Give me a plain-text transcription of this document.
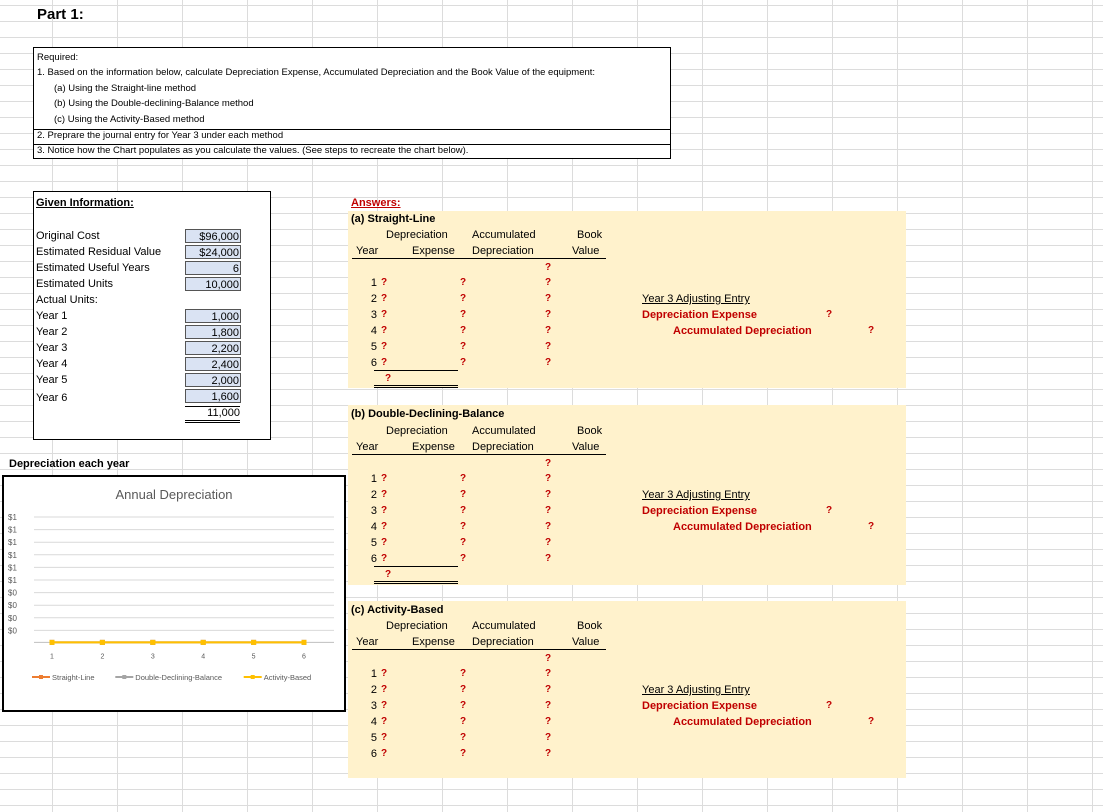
Part 1:
Required:
1. Based on the information below, calculate Depreciation Expense, Accumulated Depreciation and the Book Value of the equipment:
(a) Using the Straight-line method
(b) Using the Double-declining-Balance method
(c) Using the Activity-Based method
2. Preprare the journal entry for Year 3 under each method
3. Notice how the Chart populates as you calculate the values. (See steps to recreate the chart below).
Given Information:
Original Cost	$96,000
Estimated Residual Value	$24,000
Estimated Useful Years	6
Estimated Units	10,000
Actual Units:
Year 1	1,000
Year 2	1,800
Year 3	2,200
Year 4	2,400
Year 5	2,000
Year 6	1,600
11,000
Answers:
(a) Straight-Line
Depreciation Accumulated	Book
Year	Expense Depreciation	Value
?
1 ?	?	?
2 ?	?	?
3 ?	?	?
4 ?	?	?
5 ?	?	?
6 ?	?	?
?
Year 3 Adjusting Entry
Depreciation Expense	?
Accumulated Depreciation	?
(b) Double-Declining-Balance
Depreciation Accumulated	Book
Year	Expense Depreciation	Value
?
1 ?	?	?
2 ?	?	?
3 ?	?	?
4 ?	?	?
5 ?	?	?
6 ?	?	?
?
Year 3 Adjusting Entry
Depreciation Expense	?
Accumulated Depreciation	?
(c) Activity-Based
Depreciation Accumulated	Book
Year	Expense Depreciation	Value
?
1 ?	?	?
2 ?	?	?
3 ?	?	?
4 ?	?	?
5 ?	?	?
6 ?	?	?
Year 3 Adjusting Entry
Depreciation Expense	?
Accumulated Depreciation	?
Depreciation each year
Annual Depreciation
$1
$1
$1
$1
$1
$1
$0
$0
$0
$0
1	2	3	4	5	6
Straight-Line	Double-Declining-Balance	Activity-Based
